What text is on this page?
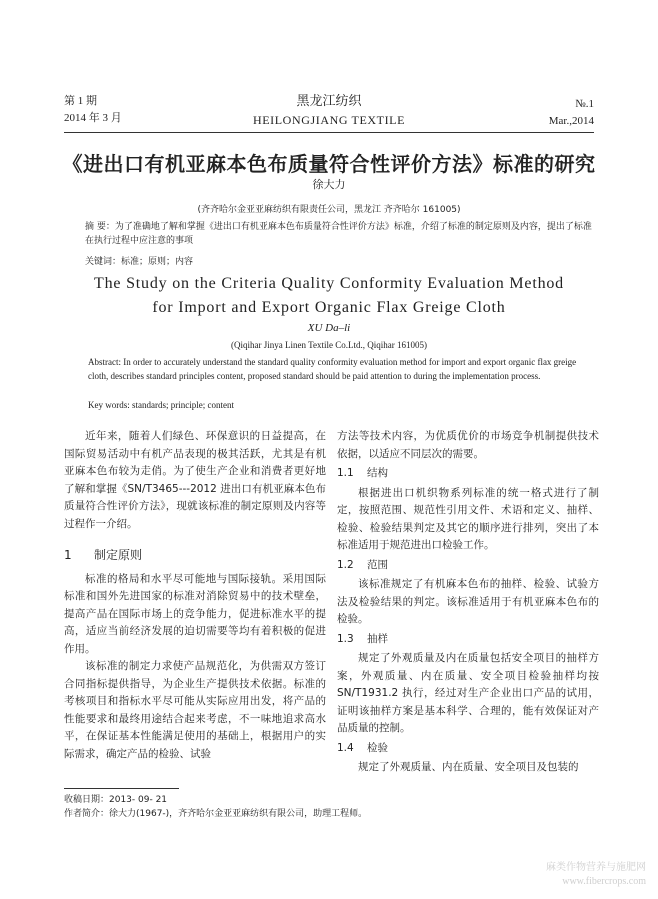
第 1 期
2014 年 3 月
黑龙江纺织
HEILONGJIANG TEXTILE
№.1
Mar.,2014
《进出口有机亚麻本色布质量符合性评价方法》标准的研究
徐大力
(齐齐哈尔金亚亚麻纺织有限责任公司，黑龙江 齐齐哈尔 161005)
摘 要：为了准确地了解和掌握《进出口有机亚麻本色布质量符合性评价方法》标准，介绍了标准的制定原则及内容，提出了标准在执行过程中应注意的事项
关键词：标准；原则；内容
The Study on the Criteria Quality Conformity Evaluation Method
for Import and Export Organic Flax Greige Cloth
XU Da–li
(Qiqihar Jinya Linen Textile Co.Ltd., Qiqihar 161005)
Abstract: In order to accurately understand the standard quality conformity evaluation method for import and export organic flax greige cloth, describes standard principles content, proposed standard should be paid attention to during the implementation process.
Key words: standards; principle; content

近年来，随着人们绿色、环保意识的日益提高，在国际贸易活动中有机产品表现的极其活跃，尤其是有机亚麻本色布较为走俏。为了使生产企业和消费者更好地了解和掌握《SN/T3465---2012 进出口有机亚麻本色布质量符合性评价方法》，现就该标准的制定原则及内容等过程作一介绍。

1 制定原则

标准的格局和水平尽可能地与国际接轨。采用国际标准和国外先进国家的标准对消除贸易中的技术壁垒，提高产品在国际市场上的竞争能力，促进标准水平的提高，适应当前经济发展的迫切需要等均有着积极的促进作用。

该标准的制定力求使产品规范化，为供需双方签订合同指标提供指导，为企业生产提供技术依据。标准的考核项目和指标水平尽可能从实际应用出发，将产品的性能要求和最终用途结合起来考虑，不一味地追求高水平，在保证基本性能满足使用的基础上，根据用户的实际需求，确定产品的检验、试验

方法等技术内容，为优质优价的市场竞争机制提供技术依据，以适应不同层次的需要。

1.1 结构

根据进出口机织物系列标准的统一格式进行了制定，按照范围、规范性引用文件、术语和定义、抽样、检验、检验结果判定及其它的顺序进行排列，突出了本标准适用于规范进出口检验工作。

1.2 范围

该标准规定了有机麻本色布的抽样、检验、试验方法及检验结果的判定。该标准适用于有机亚麻本色布的检验。

1.3 抽样

规定了外观质量及内在质量包括安全项目的抽样方案，外观质量、内在质量、安全项目检验抽样均按 SN/T1931.2 执行，经过对生产企业出口产品的试用，证明该抽样方案是基本科学、合理的，能有效保证对产品质量的控制。

1.4 检验

规定了外观质量、内在质量、安全项目及包装的

收稿日期：2013- 09- 21
作者简介：徐大力(1967-)，齐齐哈尔金亚亚麻纺织有限公司，助理工程师。
麻类作物营养与施肥网
www.fibercrops.com
